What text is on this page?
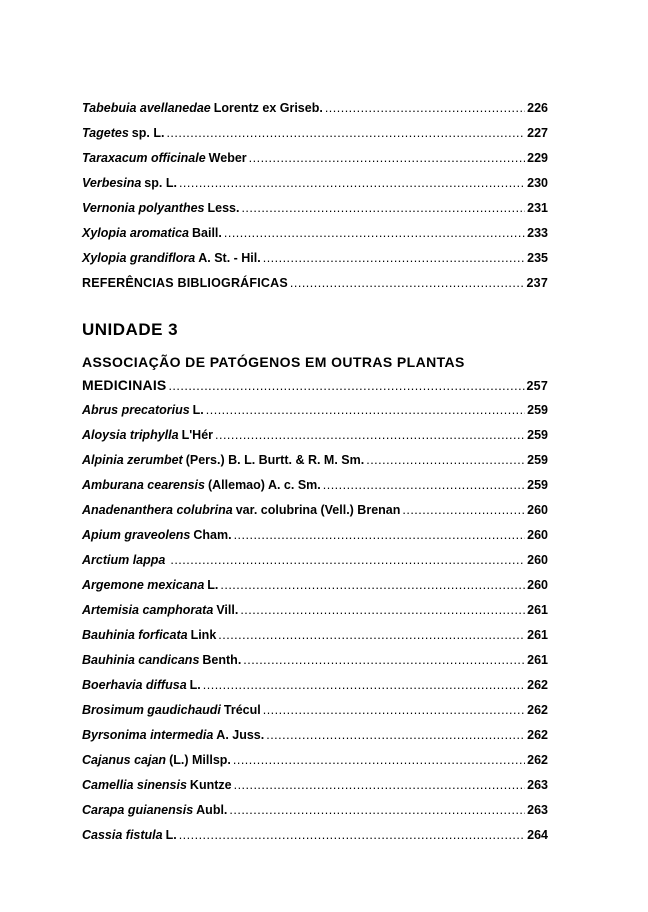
Tabebuia avellanedae Lorentz ex Griseb. .....	226
Tagetes sp. L. .....	227
Taraxacum officinale Weber .....	229
Verbesina sp. L. .....	230
Vernonia polyanthes Less. .....	231
Xylopia aromatica Baill. .....	233
Xylopia grandiflora A. St. - Hil. .....	235
REFERÊNCIAS BIBLIOGRÁFICAS .....	237
UNIDADE 3
ASSOCIAÇÃO DE PATÓGENOS EM OUTRAS PLANTAS
MEDICINAIS .....	257
Abrus precatorius L. .....	259
Aloysia triphylla L'Hér .....	259
Alpinia zerumbet (Pers.) B. L. Burtt. & R. M. Sm. .....	259
Amburana cearensis (Allemao) A. c. Sm. .....	259
Anadenanthera colubrina var. colubrina (Vell.) Brenan .....	260
Apium graveolens Cham. .....	260
Arctium lappa .....	260
Argemone mexicana L. .....	260
Artemisia camphorata Vill. .....	261
Bauhinia forficata Link .....	261
Bauhinia candicans Benth. .....	261
Boerhavia diffusa L. .....	262
Brosimum gaudichaudi Trécul .....	262
Byrsonima intermedia A. Juss. .....	262
Cajanus cajan (L.) Millsp. .....	262
Camellia sinensis Kuntze .....	263
Carapa guianensis Aubl. .....	263
Cassia fistula L. .....	264
